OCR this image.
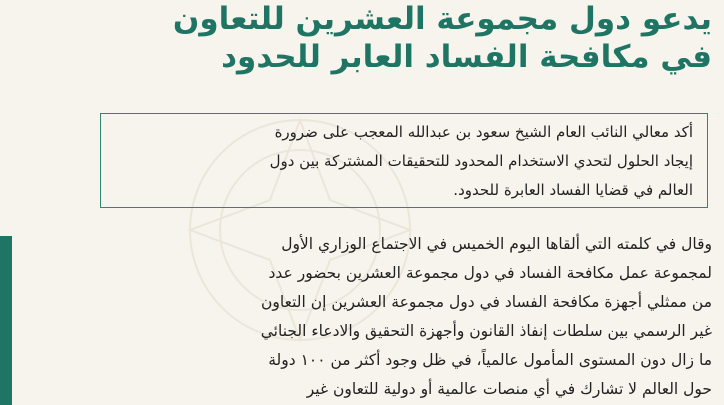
يدعو دول مجموعة العشرين للتعاون
في مكافحة الفساد العابر للحدود
أكد معالي النائب العام الشيخ سعود بن عبدالله المعجب على ضرورة
إيجاد الحلول لتحدي الاستخدام المحدود للتحقيقات المشتركة بين دول
العالم في قضايا الفساد العابرة للحدود.
وقال في كلمته التي ألقاها اليوم الخميس في الاجتماع الوزاري الأول
لمجموعة عمل مكافحة الفساد في دول مجموعة العشرين بحضور عدد
من ممثلي أجهزة مكافحة الفساد في دول مجموعة العشرين إن التعاون
غير الرسمي بين سلطات إنفاذ القانون وأجهزة التحقيق والادعاء الجنائي
ما زال دون المستوى المأمول عالمياً، في ظل وجود أكثر من ١٠٠ دولة
حول العالم لا تشارك في أي منصات عالمية أو دولية للتعاون غير
